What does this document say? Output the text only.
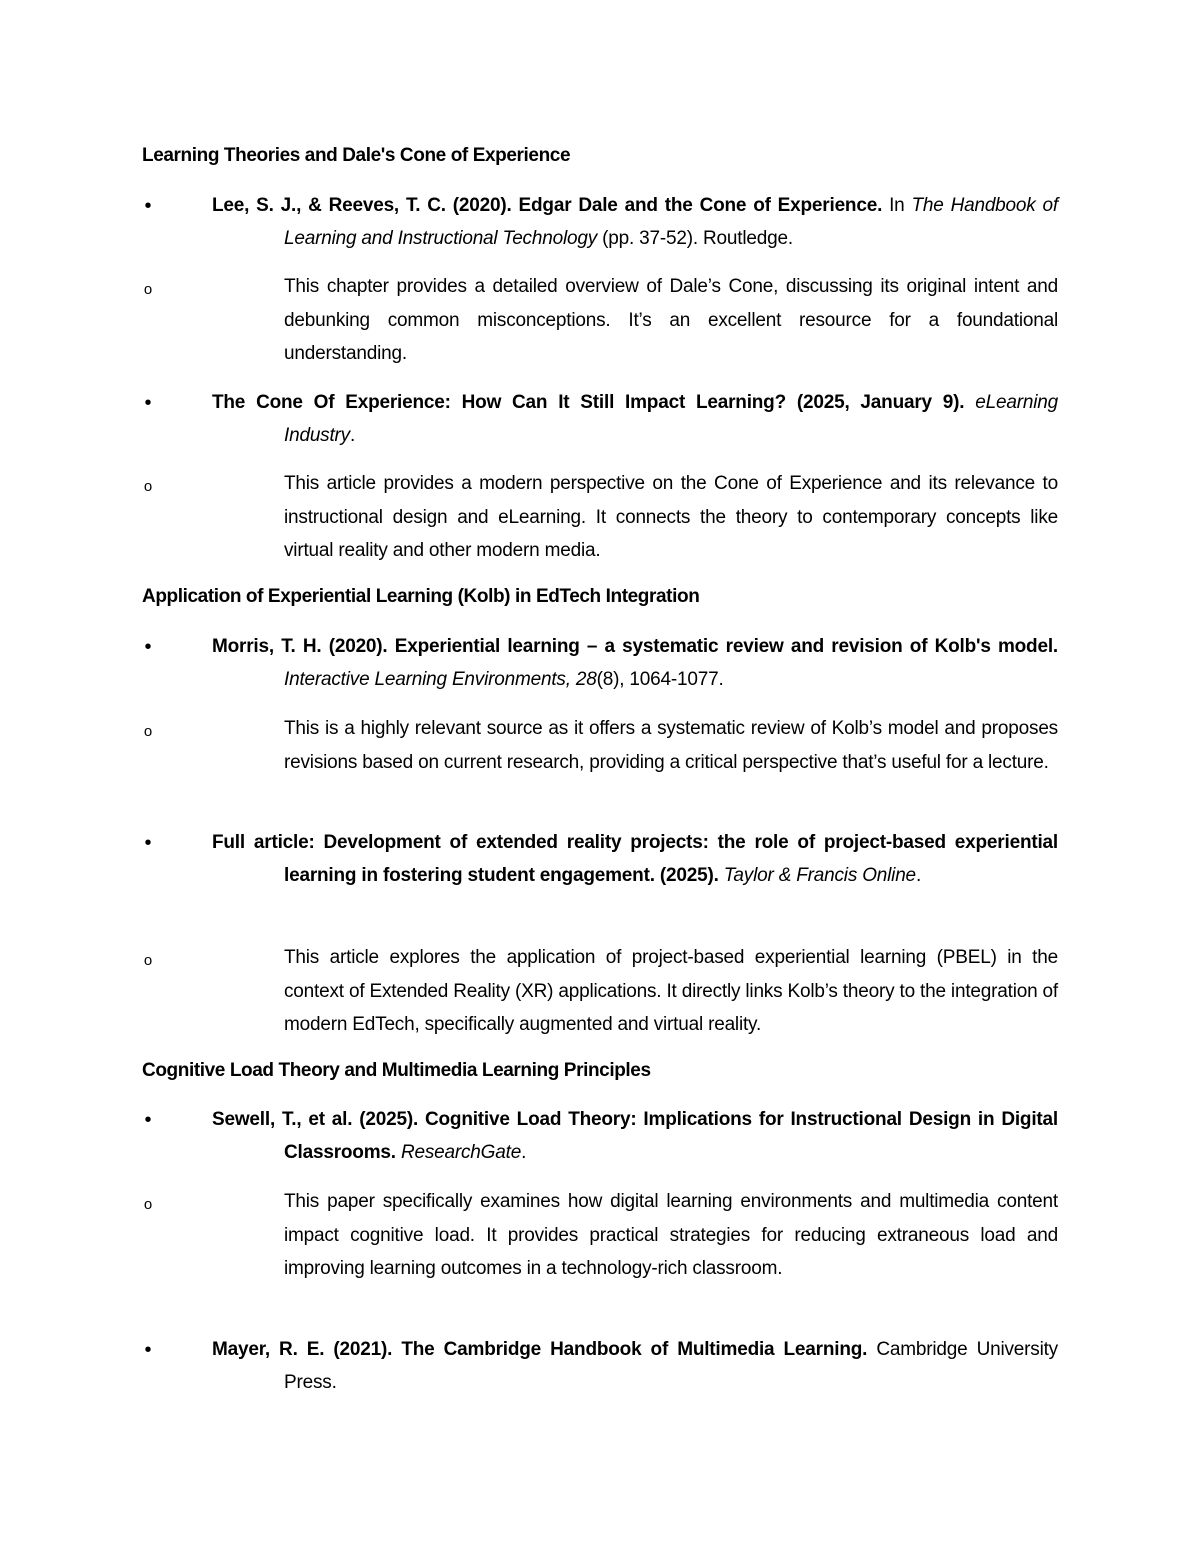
Learning Theories and Dale's Cone of Experience
•	Lee, S. J., & Reeves, T. C. (2020). Edgar Dale and the Cone of Experience. In The Handbook of Learning and Instructional Technology (pp. 37-52). Routledge.
o	This chapter provides a detailed overview of Dale’s Cone, discussing its original intent and debunking common misconceptions. It’s an excellent resource for a foundational understanding.
•	The Cone Of Experience: How Can It Still Impact Learning? (2025, January 9). eLearning Industry.
o	This article provides a modern perspective on the Cone of Experience and its relevance to instructional design and eLearning. It connects the theory to contemporary concepts like virtual reality and other modern media.
Application of Experiential Learning (Kolb) in EdTech Integration
•	Morris, T. H. (2020). Experiential learning – a systematic review and revision of Kolb's model. Interactive Learning Environments, 28(8), 1064-1077.
o	This is a highly relevant source as it offers a systematic review of Kolb’s model and proposes revisions based on current research, providing a critical perspective that’s useful for a lecture.
•	Full article: Development of extended reality projects: the role of project-based experiential learning in fostering student engagement. (2025). Taylor & Francis Online.
o	This article explores the application of project-based experiential learning (PBEL) in the context of Extended Reality (XR) applications. It directly links Kolb’s theory to the integration of modern EdTech, specifically augmented and virtual reality.
Cognitive Load Theory and Multimedia Learning Principles
•	Sewell, T., et al. (2025). Cognitive Load Theory: Implications for Instructional Design in Digital Classrooms. ResearchGate.
o	This paper specifically examines how digital learning environments and multimedia content impact cognitive load. It provides practical strategies for reducing extraneous load and improving learning outcomes in a technology-rich classroom.
•	Mayer, R. E. (2021). The Cambridge Handbook of Multimedia Learning. Cambridge University Press.
